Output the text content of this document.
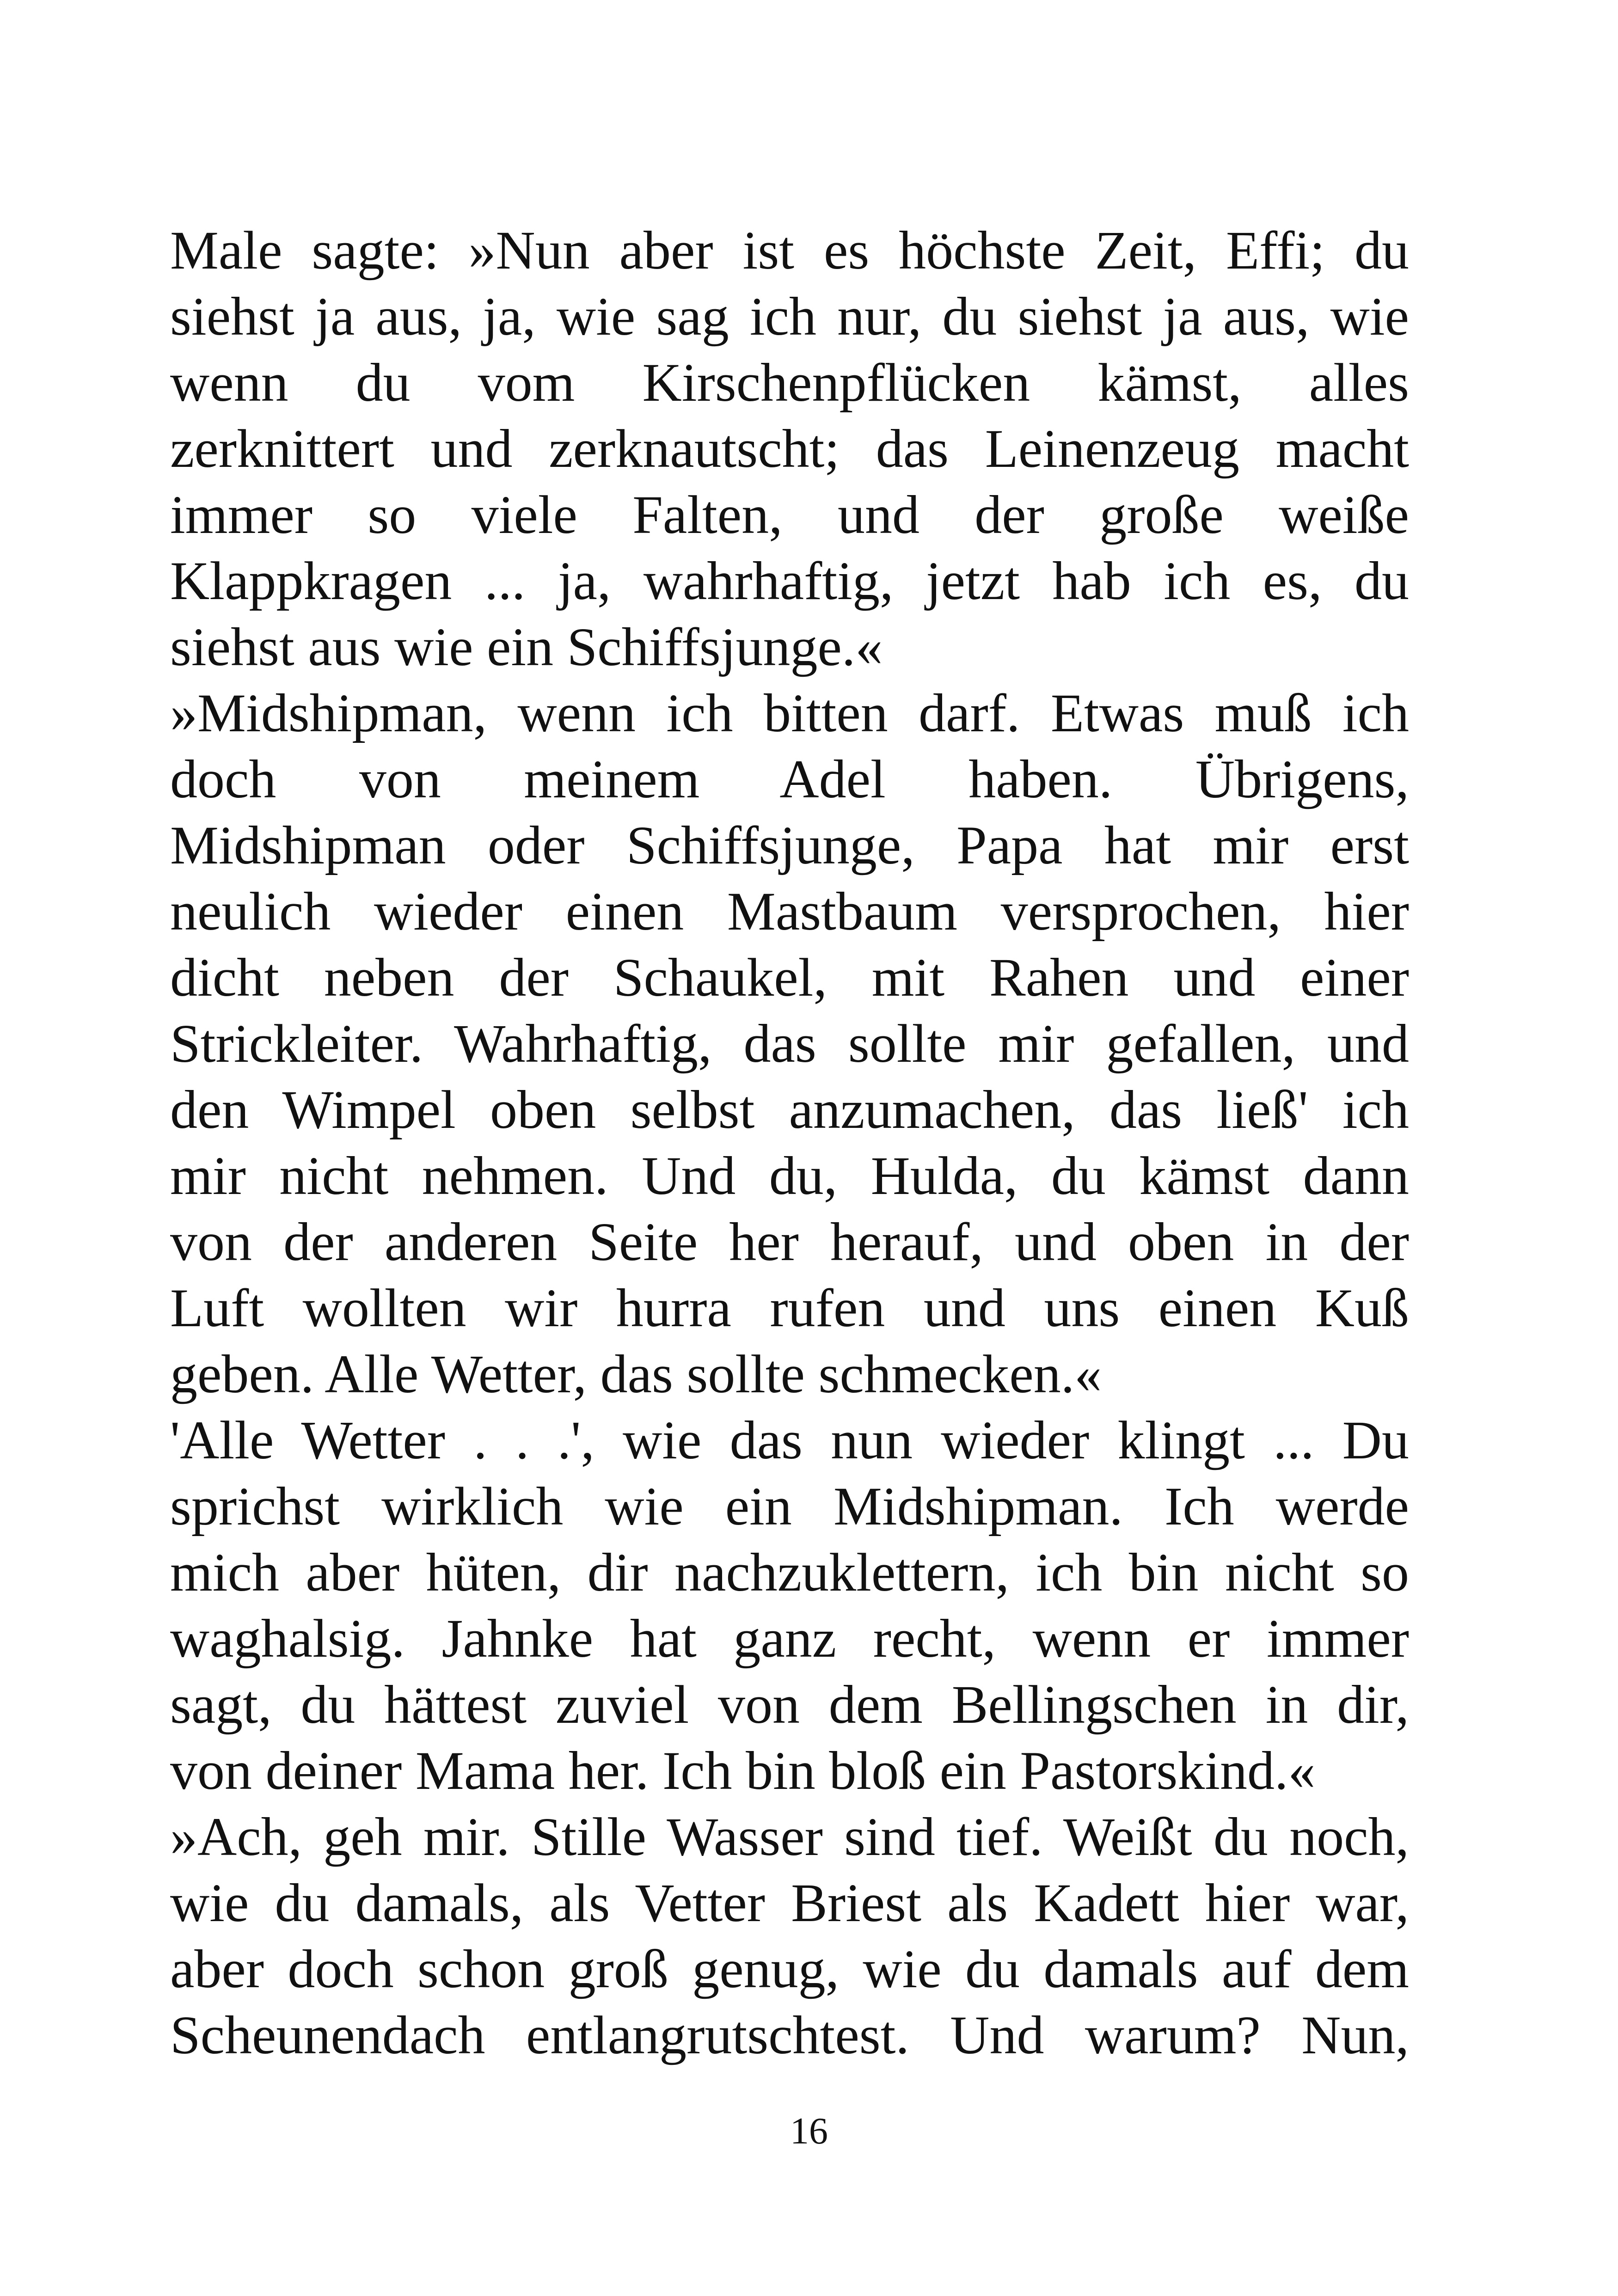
Male sagte: »Nun aber ist es höchste Zeit, Effi; du
siehst ja aus, ja, wie sag ich nur, du siehst ja aus, wie
wenn du vom Kirschenpflücken kämst, alles
zerknittert und zerknautscht; das Leinenzeug macht
immer so viele Falten, und der große weiße
Klappkragen ... ja, wahrhaftig, jetzt hab ich es, du
siehst aus wie ein Schiffsjunge.«
»Midshipman, wenn ich bitten darf. Etwas muß ich
doch von meinem Adel haben. Übrigens,
Midshipman oder Schiffsjunge, Papa hat mir erst
neulich wieder einen Mastbaum versprochen, hier
dicht neben der Schaukel, mit Rahen und einer
Strickleiter. Wahrhaftig, das sollte mir gefallen, und
den Wimpel oben selbst anzumachen, das ließ' ich
mir nicht nehmen. Und du, Hulda, du kämst dann
von der anderen Seite her herauf, und oben in der
Luft wollten wir hurra rufen und uns einen Kuß
geben. Alle Wetter, das sollte schmecken.«
'Alle Wetter . . .', wie das nun wieder klingt ... Du
sprichst wirklich wie ein Midshipman. Ich werde
mich aber hüten, dir nachzuklettern, ich bin nicht so
waghalsig. Jahnke hat ganz recht, wenn er immer
sagt, du hättest zuviel von dem Bellingschen in dir,
von deiner Mama her. Ich bin bloß ein Pastorskind.«
»Ach, geh mir. Stille Wasser sind tief. Weißt du noch,
wie du damals, als Vetter Briest als Kadett hier war,
aber doch schon groß genug, wie du damals auf dem
Scheunendach entlangrutschtest. Und warum? Nun,
16
